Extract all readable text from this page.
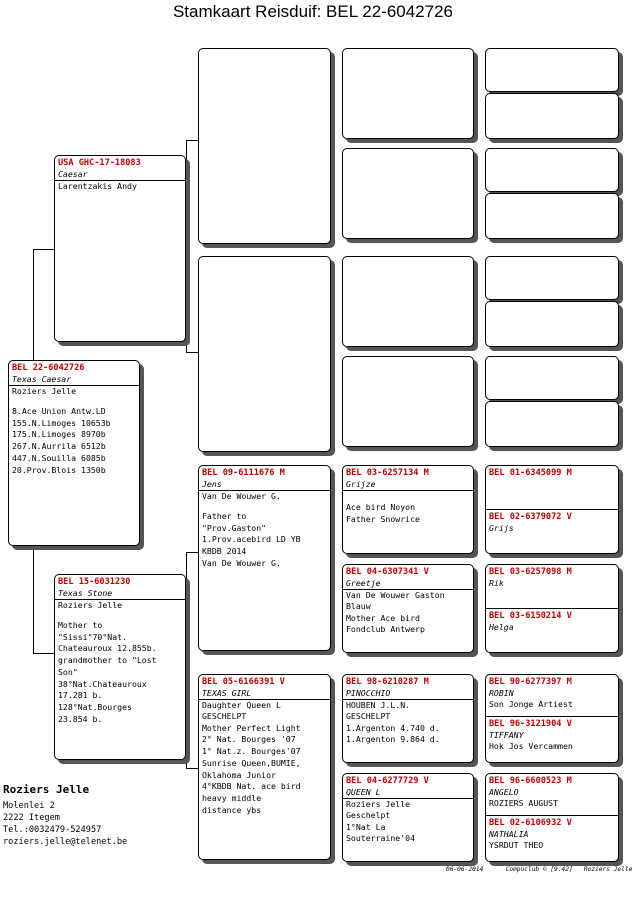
Stamkaart Reisduif: BEL 22-6042726
BEL 22-6042726
Texas Caesar
Roziers Jelle
8.Ace Union Antw.LD
155.N.Limoges 10653b
175.N.Limoges 8970b
267.N.Aurrila 6512b
447.N.Souilla 6085b
20.Prov.Blois 1350b
USA GHC-17-18083
Caesar
Larentzakis Andy
BEL 15-6031230
Texas Stone
Roziers Jelle
Mother to
"Sissi"70°Nat.
Chateauroux 12.855b.
grandmother to "Lost
Son"
38°Nat.Chateauroux
17.281 b.
128°Nat.Bourges
23.854 b.
BEL 09-6111676 M
Jens
Van De Wouwer G.
Father to
"Prov.Gaston"
1.Prov.acebird LD YB
KBDB 2014
Van De Wouwer G.
BEL 05-6166391 V
TEXAS GIRL
Daughter Queen L
GESCHELPT
Mother Perfect Light
2° Nat. Bourges '07
1° Nat.z. Bourges'07
Sunrise Queen,BUMIE,
Oklahoma Junior
4°KBDB Nat. ace bird
heavy middle
distance ybs
BEL 03-6257134 M
Grijze
Ace bird Noyon
Father Snowrice
BEL 04-6307341 V
Greetje
Van De Wouwer Gaston
Blauw
Mother Ace bird
Fondclub Antwerp
BEL 98-6210287 M
PINOCCHIO
HOUBEN J.L.N.
GESCHELPT
1.Argenton 4.740 d.
1.Argenton 9.864 d.
BEL 04-6277729 V
QUEEN L
Roziers Jelle
Geschelpt
1°Nat La
Souterraine'04
BEL 01-6345099 M
BEL 02-6379072 V
Grijs
BEL 03-6257098 M
Rik
BEL 03-6150214 V
Helga
BEL 90-6277397 M
ROBIN
Son Jonge Artiest
BEL 96-3121904 V
TIFFANY
Hok Jos Vercammen
BEL 96-6600523 M
ANGELO
ROZIERS AUGUST
BEL 02-6106932 V
NATHALIA
YSRDUT THEO
Roziers Jelle
Molenlei 2
2222 Itegem
Tel.:0032479-524957
roziers.jelle@telenet.be
06-06-2014	Compuclub © [9.42] Roziers Jelle
